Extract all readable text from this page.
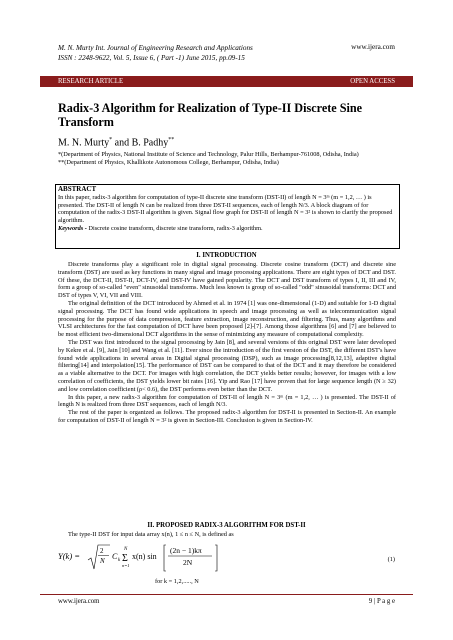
M. N. Murty Int. Journal of Engineering Research and Applications
ISSN : 2248-9622, Vol. 5, Issue 6, ( Part -1) June 2015, pp.09-15
www.ijera.com
RESEARCH ARTICLE	OPEN ACCESS
Radix-3 Algorithm for Realization of Type-II Discrete Sine Transform
M. N. Murty* and B. Padhy**
*(Department of Physics, National Institute of Science and Technology, Palur Hills, Berhampur-761008, Odisha, India)
**(Department of Physics, Khallikote Autonomous College, Berhampur, Odisha, India)
ABSTRACT
In this paper, radix-3 algorithm for computation of type-II discrete sine transform (DST-II) of length N = 3ᵐ (m = 1,2, … ) is presented. The DST-II of length N can be realized from three DST-II sequences, each of length N/3. A block diagram of for computation of the radix-3 DST-II algorithm is given. Signal flow graph for DST-II of length N = 3² is shown to clarify the proposed algorithm.
Keywords - Discrete cosine transform, discrete sine transform, radix-3 algorithm.
I. INTRODUCTION

Discrete transforms play a significant role in digital signal processing. Discrete cosine transform (DCT) and discrete sine transform (DST) are used as key functions in many signal and image processing applications. There are eight types of DCT and DST. Of these, the DCT-II, DST-II, DCT-IV, and DST-IV have gained popularity. The DCT and DST transform of types I, II, III and IV, form a group of so-called "even" sinusoidal transforms. Much less known is group of so-called "odd" sinusoidal transforms: DCT and DST of types V, VI, VII and VIII.

The original definition of the DCT introduced by Ahmed et al. in 1974 [1] was one-dimensional (1-D) and suitable for 1-D digital signal processing. The DCT has found wide applications in speech and image processing as well as telecommunication signal processing for the purpose of data compression, feature extraction, image reconstruction, and filtering. Thus, many algorithms and VLSI architectures for the fast computation of DCT have been proposed [2]-[7]. Among those algorithms [6] and [7] are believed to be most efficient two-dimensional DCT algorithms in the sense of minimizing any measure of computational complexity.

The DST was first introduced to the signal processing by Jain [8], and several versions of this original DST were later developed by Kekre et al. [9], Jain [10] and Wang et al. [11]. Ever since the introduction of the first version of the DST, the different DST's have found wide applications in several areas in Digital signal processing (DSP), such as image processing[8,12,13], adaptive digital filtering[14] and interpolation[15]. The performance of DST can be compared to that of the DCT and it may therefore be considered as a viable alternative to the DCT. For images with high correlation, the DCT yields better results; however, for images with a low correlation of coefficients, the DST yields lower bit rates [16]. Yip and Rao [17] have proven that for large sequence length (N ≥ 32) and low correlation coefficient (ρ< 0.6), the DST performs even better than the DCT.

In this paper, a new radix-3 algorithm for computation of DST-II of length N = 3ᵐ (m = 1,2, … ) is presented. The DST-II of length N is realized from three DST sequences, each of length N/3.

The rest of the paper is organized as follows. The proposed radix-3 algorithm for DST-II is presented in Section-II. An example for computation of DST-II of length N = 3² is given in Section-III. Conclusion is given in Section-IV.

II. PROPOSED RADIX-3 ALGORITHM FOR DST-II
The type-II DST for input data array x(n), 1 ≤ n ≤ N, is defined as
Y(k) =	2
N C k
N
Σ
n=1
x(n) sin
(2n − 1)kπ
2N	(1)
for k = 1,2,....., N
www.ijera.com	9 | P a g e
